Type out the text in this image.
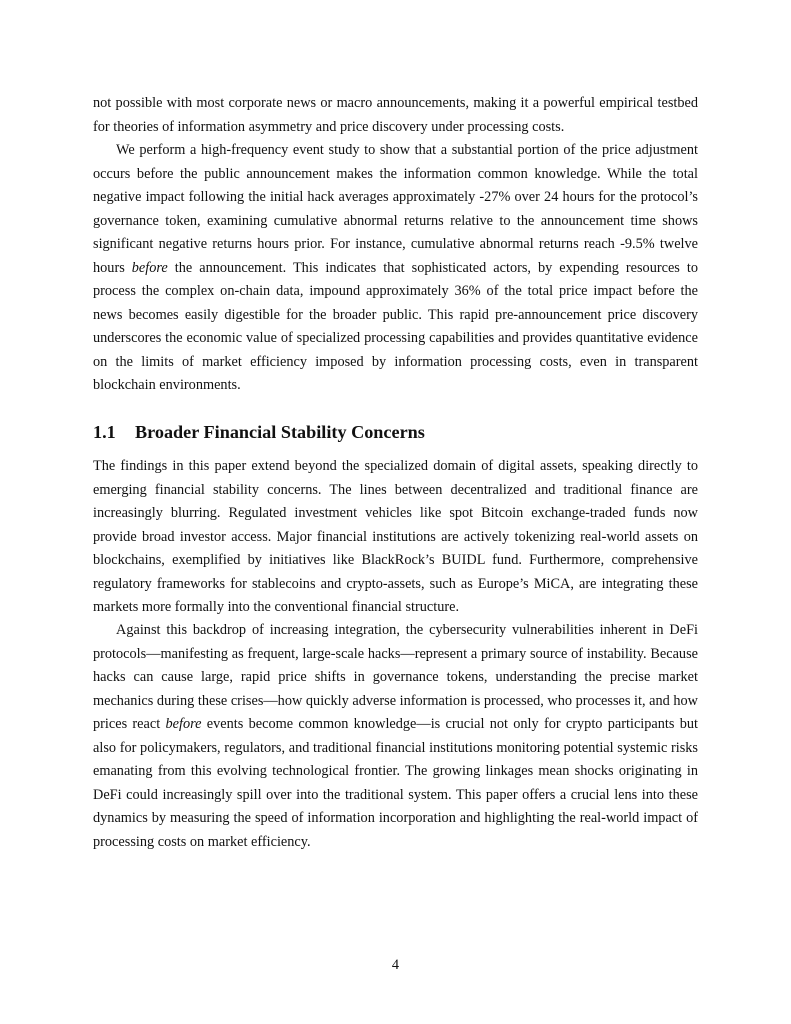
not possible with most corporate news or macro announcements, making it a powerful empirical testbed for theories of information asymmetry and price discovery under processing costs.

We perform a high-frequency event study to show that a substantial portion of the price adjustment occurs before the public announcement makes the information common knowledge. While the total negative impact following the initial hack averages approximately -27% over 24 hours for the protocol’s governance token, examining cumulative abnormal returns relative to the announcement time shows significant negative returns hours prior. For instance, cumulative abnormal returns reach -9.5% twelve hours before the announcement. This indicates that sophisticated actors, by expending resources to process the complex on-chain data, impound approximately 36% of the total price impact before the news becomes easily digestible for the broader public. This rapid pre-announcement price discovery underscores the economic value of specialized processing capabilities and provides quantitative evidence on the limits of market efficiency imposed by information processing costs, even in transparent blockchain environments.

1.1 Broader Financial Stability Concerns

The findings in this paper extend beyond the specialized domain of digital assets, speaking directly to emerging financial stability concerns. The lines between decentralized and traditional finance are increasingly blurring. Regulated investment vehicles like spot Bitcoin exchange-traded funds now provide broad investor access. Major financial institutions are actively tokenizing real-world assets on blockchains, exemplified by initiatives like BlackRock’s BUIDL fund. Furthermore, comprehensive regulatory frameworks for stablecoins and crypto-assets, such as Europe’s MiCA, are integrating these markets more formally into the conventional financial structure.

Against this backdrop of increasing integration, the cybersecurity vulnerabilities inherent in DeFi protocols—manifesting as frequent, large-scale hacks—represent a primary source of instability. Because hacks can cause large, rapid price shifts in governance tokens, understanding the precise market mechanics during these crises—how quickly adverse information is processed, who processes it, and how prices react before events become common knowledge—is crucial not only for crypto participants but also for policymakers, regulators, and traditional financial institutions monitoring potential systemic risks emanating from this evolving technological frontier. The growing linkages mean shocks originating in DeFi could increasingly spill over into the traditional system. This paper offers a crucial lens into these dynamics by measuring the speed of information incorporation and highlighting the real-world impact of processing costs on market efficiency.

4
